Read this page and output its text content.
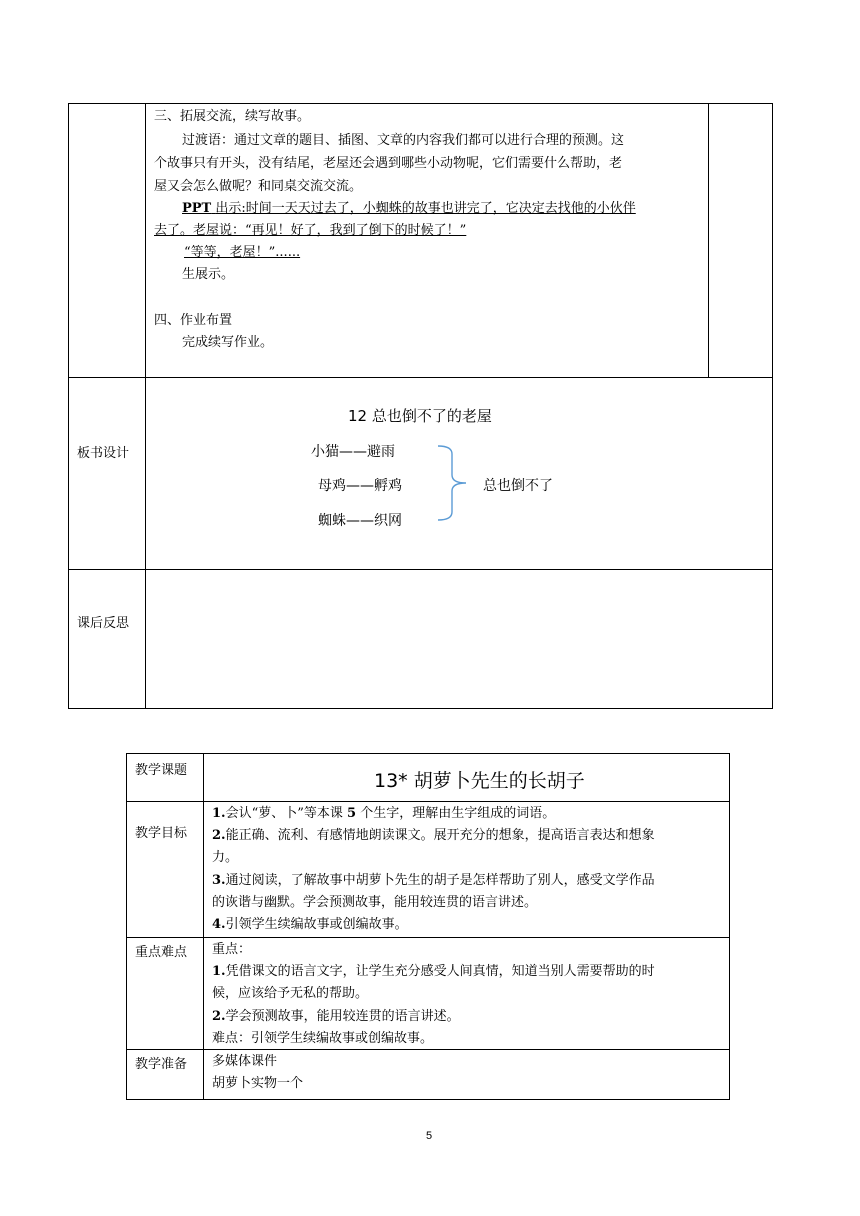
三、拓展交流，续写故事。
过渡语：通过文章的题目、插图、文章的内容我们都可以进行合理的预测。这
个故事只有开头，没有结尾，老屋还会遇到哪些小动物呢，它们需要什么帮助，老
屋又会怎么做呢？和同桌交流交流。
PPT 出示:时间一天天过去了，小蜘蛛的故事也讲完了，它决定去找他的小伙伴
去了。老屋说：“再见！好了，我到了倒下的时候了！”
“等等，老屋！”......
生展示。
四、作业布置
完成续写作业。
板书设计
12 总也倒不了的老屋
小猫——避雨
母鸡——孵鸡
蜘蛛——织网
总也倒不了
课后反思
教学课题	13* 胡萝卜先生的长胡子
教学目标
1.会认“萝、卜”等本课 5 个生字，理解由生字组成的词语。
2.能正确、流利、有感情地朗读课文。展开充分的想象，提高语言表达和想象
力。
3.通过阅读，了解故事中胡萝卜先生的胡子是怎样帮助了别人，感受文学作品
的诙谐与幽默。学会预测故事，能用较连贯的语言讲述。
4.引领学生续编故事或创编故事。
重点难点 重点：
1.凭借课文的语言文字，让学生充分感受人间真情，知道当别人需要帮助的时
候，应该给予无私的帮助。
2.学会预测故事，能用较连贯的语言讲述。
难点：引领学生续编故事或创编故事。
教学准备 多媒体课件
胡萝卜实物一个
5
